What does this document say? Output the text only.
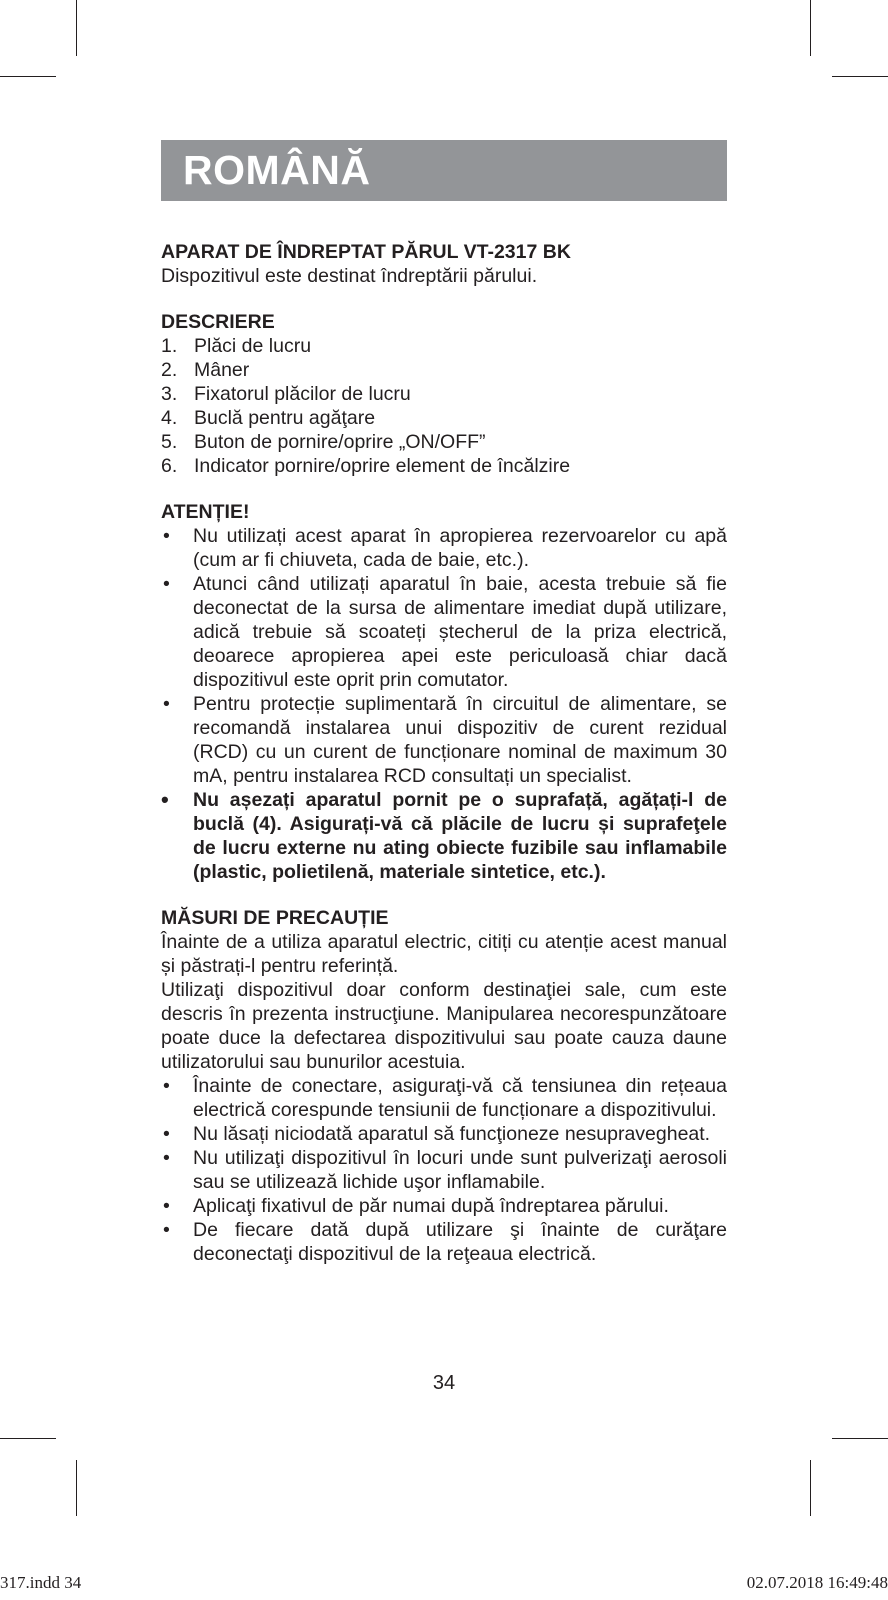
ROMÂNĂ

APARAT DE ÎNDREPTAT PĂRUL VT-2317 BK

Dispozitivul este destinat îndreptării părului.

DESCRIERE

1. Plăci de lucru
2. Mâner
3. Fixatorul plăcilor de lucru
4. Buclă pentru agăţare
5. Buton de pornire/oprire „ON/OFF”
6. Indicator pornire/oprire element de încălzire

ATENȚIE!

• Nu utilizați acest aparat în apropierea rezervoarelor cu apă (cum ar fi chiuveta, cada de baie, etc.).
• Atunci când utilizați aparatul în baie, acesta trebuie să fie deconectat de la sursa de alimentare imediat după utilizare, adică trebuie să scoateți ștecherul de la priza electrică, deoarece apropierea apei este periculoasă chiar dacă dispozitivul este oprit prin comutator.
• Pentru protecție suplimentară în circuitul de alimentare, se recomandă instalarea unui dispozitiv de curent rezidual (RCD) cu un curent de funcționare nominal de maximum 30 mA, pentru instalarea RCD consultați un specialist.
• Nu așezați aparatul pornit pe o suprafață, agățați-l de buclă (4). Asigurați-vă că plăcile de lucru și suprafeţele de lucru externe nu ating obiecte fuzibile sau inflamabile (plastic, polietilenă, materiale sintetice, etc.).

MĂSURI DE PRECAUȚIE

Înainte de a utiliza aparatul electric, citiți cu atenție acest manual și păstrați-l pentru referință.

Utilizaţi dispozitivul doar conform destinaţiei sale, cum este descris în prezenta instrucţiune. Manipularea necorespunzătoare poate duce la defectarea dispozitivului sau poate cauza daune utilizatorului sau bunurilor acestuia.

• Înainte de conectare, asiguraţi-vă că tensiunea din rețeaua electrică corespunde tensiunii de funcționare a dispozitivului.
• Nu lăsați niciodată aparatul să funcţioneze nesupravegheat.
• Nu utilizaţi dispozitivul în locuri unde sunt pulverizaţi aerosoli sau se utilizează lichide uşor inflamabile.
• Aplicaţi fixativul de păr numai după îndreptarea părului.
• De fiecare dată după utilizare şi înainte de curăţare deconectaţi dispozitivul de la reţeaua electrică.
34
317.indd 34	02.07.2018 16:49:48
